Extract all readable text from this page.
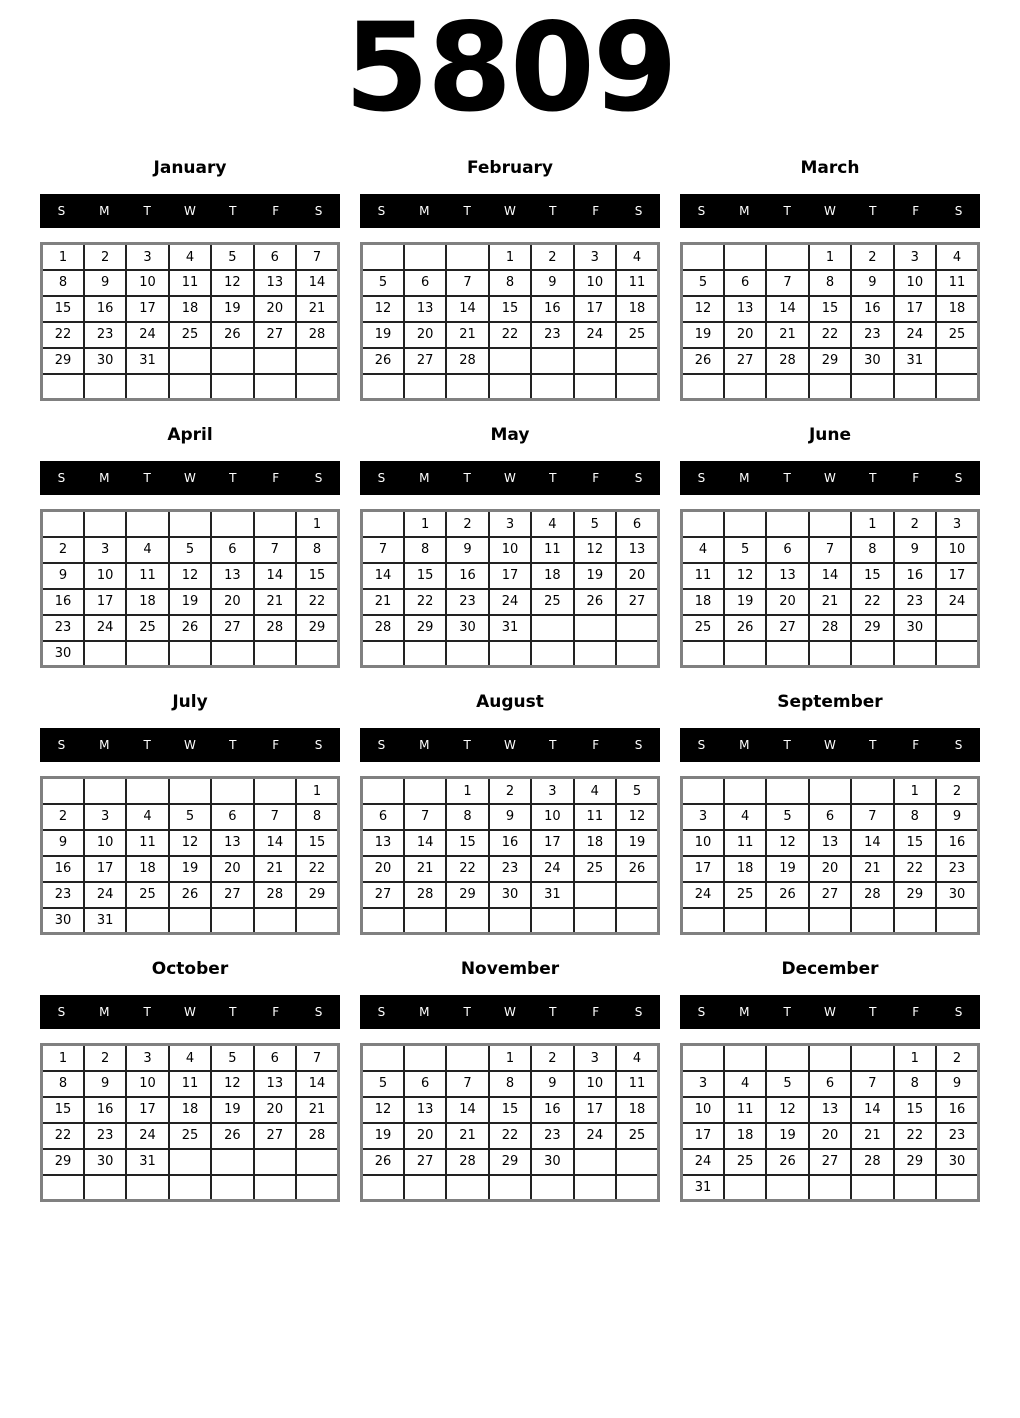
5809
January
S	M	T	W	T	F	S
1	2	3	4	5	6	7
8	9	10	11	12	13	14
15	16	17	18	19	20	21
22	23	24	25	26	27	28
29	30	31				

February
S	M	T	W	T	F	S
			1	2	3	4
5	6	7	8	9	10	11
12	13	14	15	16	17	18
19	20	21	22	23	24	25
26	27	28				

March
S	M	T	W	T	F	S
			1	2	3	4
5	6	7	8	9	10	11
12	13	14	15	16	17	18
19	20	21	22	23	24	25
26	27	28	29	30	31	

April
S	M	T	W	T	F	S
						1
2	3	4	5	6	7	8
9	10	11	12	13	14	15
16	17	18	19	20	21	22
23	24	25	26	27	28	29
30						
May
S	M	T	W	T	F	S
	1	2	3	4	5	6
7	8	9	10	11	12	13
14	15	16	17	18	19	20
21	22	23	24	25	26	27
28	29	30	31			

June
S	M	T	W	T	F	S
				1	2	3
4	5	6	7	8	9	10
11	12	13	14	15	16	17
18	19	20	21	22	23	24
25	26	27	28	29	30	

July
S	M	T	W	T	F	S
						1
2	3	4	5	6	7	8
9	10	11	12	13	14	15
16	17	18	19	20	21	22
23	24	25	26	27	28	29
30	31					
August
S	M	T	W	T	F	S
		1	2	3	4	5
6	7	8	9	10	11	12
13	14	15	16	17	18	19
20	21	22	23	24	25	26
27	28	29	30	31		

September
S	M	T	W	T	F	S
					1	2
3	4	5	6	7	8	9
10	11	12	13	14	15	16
17	18	19	20	21	22	23
24	25	26	27	28	29	30

October
S	M	T	W	T	F	S
1	2	3	4	5	6	7
8	9	10	11	12	13	14
15	16	17	18	19	20	21
22	23	24	25	26	27	28
29	30	31				

November
S	M	T	W	T	F	S
			1	2	3	4
5	6	7	8	9	10	11
12	13	14	15	16	17	18
19	20	21	22	23	24	25
26	27	28	29	30		

December
S	M	T	W	T	F	S
					1	2
3	4	5	6	7	8	9
10	11	12	13	14	15	16
17	18	19	20	21	22	23
24	25	26	27	28	29	30
31						
